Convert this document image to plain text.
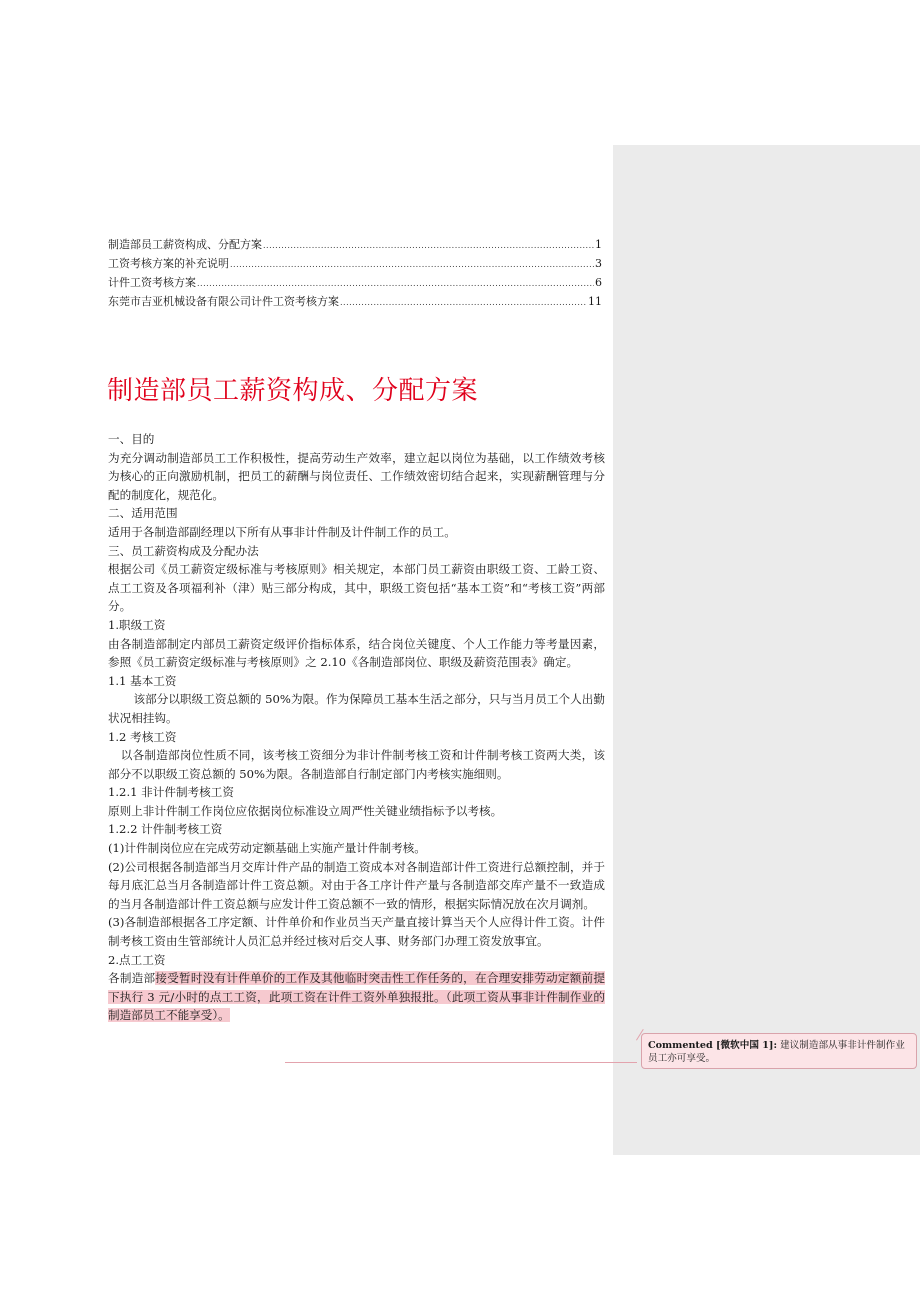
制造部员工薪资构成、分配方案 .....	1
工资考核方案的补充说明 .....	3
计件工资考核方案 .....	6
东莞市吉亚机械设备有限公司计件工资考核方案 .....	11
制造部员工薪资构成、分配方案

一、目的

为充分调动制造部员工工作积极性，提高劳动生产效率，建立起以岗位为基础，以工作绩效考核为核心的正向激励机制，把员工的薪酬与岗位责任、工作绩效密切结合起来，实现薪酬管理与分配的制度化，规范化。

二、适用范围

适用于各制造部副经理以下所有从事非计件制及计件制工作的员工。

三、员工薪资构成及分配办法

根据公司《员工薪资定级标准与考核原则》相关规定，本部门员工薪资由职级工资、工龄工资、点工工资及各项福利补（津）贴三部分构成，其中，职级工资包括“基本工资”和“考核工资”两部分。

1.职级工资

由各制造部制定内部员工薪资定级评价指标体系，结合岗位关键度、个人工作能力等考量因素，参照《员工薪资定级标准与考核原则》之 2.10《各制造部岗位、职级及薪资范围表》确定。

1.1 基本工资

该部分以职级工资总额的 50%为限。作为保障员工基本生活之部分，只与当月员工个人出勤状况相挂钩。

1.2 考核工资

以各制造部岗位性质不同，该考核工资细分为非计件制考核工资和计件制考核工资两大类，该部分不以职级工资总额的 50%为限。各制造部自行制定部门内考核实施细则。

1.2.1 非计件制考核工资

原则上非计件制工作岗位应依据岗位标准设立周严性关键业绩指标予以考核。

1.2.2 计件制考核工资

(1)计件制岗位应在完成劳动定额基础上实施产量计件制考核。

(2)公司根据各制造部当月交库计件产品的制造工资成本对各制造部计件工资进行总额控制，并于每月底汇总当月各制造部计件工资总额。对由于各工序计件产量与各制造部交库产量不一致造成的当月各制造部计件工资总额与应发计件工资总额不一致的情形，根据实际情况放在次月调剂。

(3)各制造部根据各工序定额、计件单价和作业员当天产量直接计算当天个人应得计件工资。计件制考核工资由生管部统计人员汇总并经过核对后交人事、财务部门办理工资发放事宜。

2.点工工资

各制造部接受暂时没有计件单价的工作及其他临时突击性工作任务的，在合理安排劳动定额前提下执行 3 元/小时的点工工资，此项工资在计件工资外单独报批。（此项工资从事非计件制作业的制造部员工不能享受）。

Commented [微软中国 1]: 建议制造部从事非计件制作业员工亦可享受。
